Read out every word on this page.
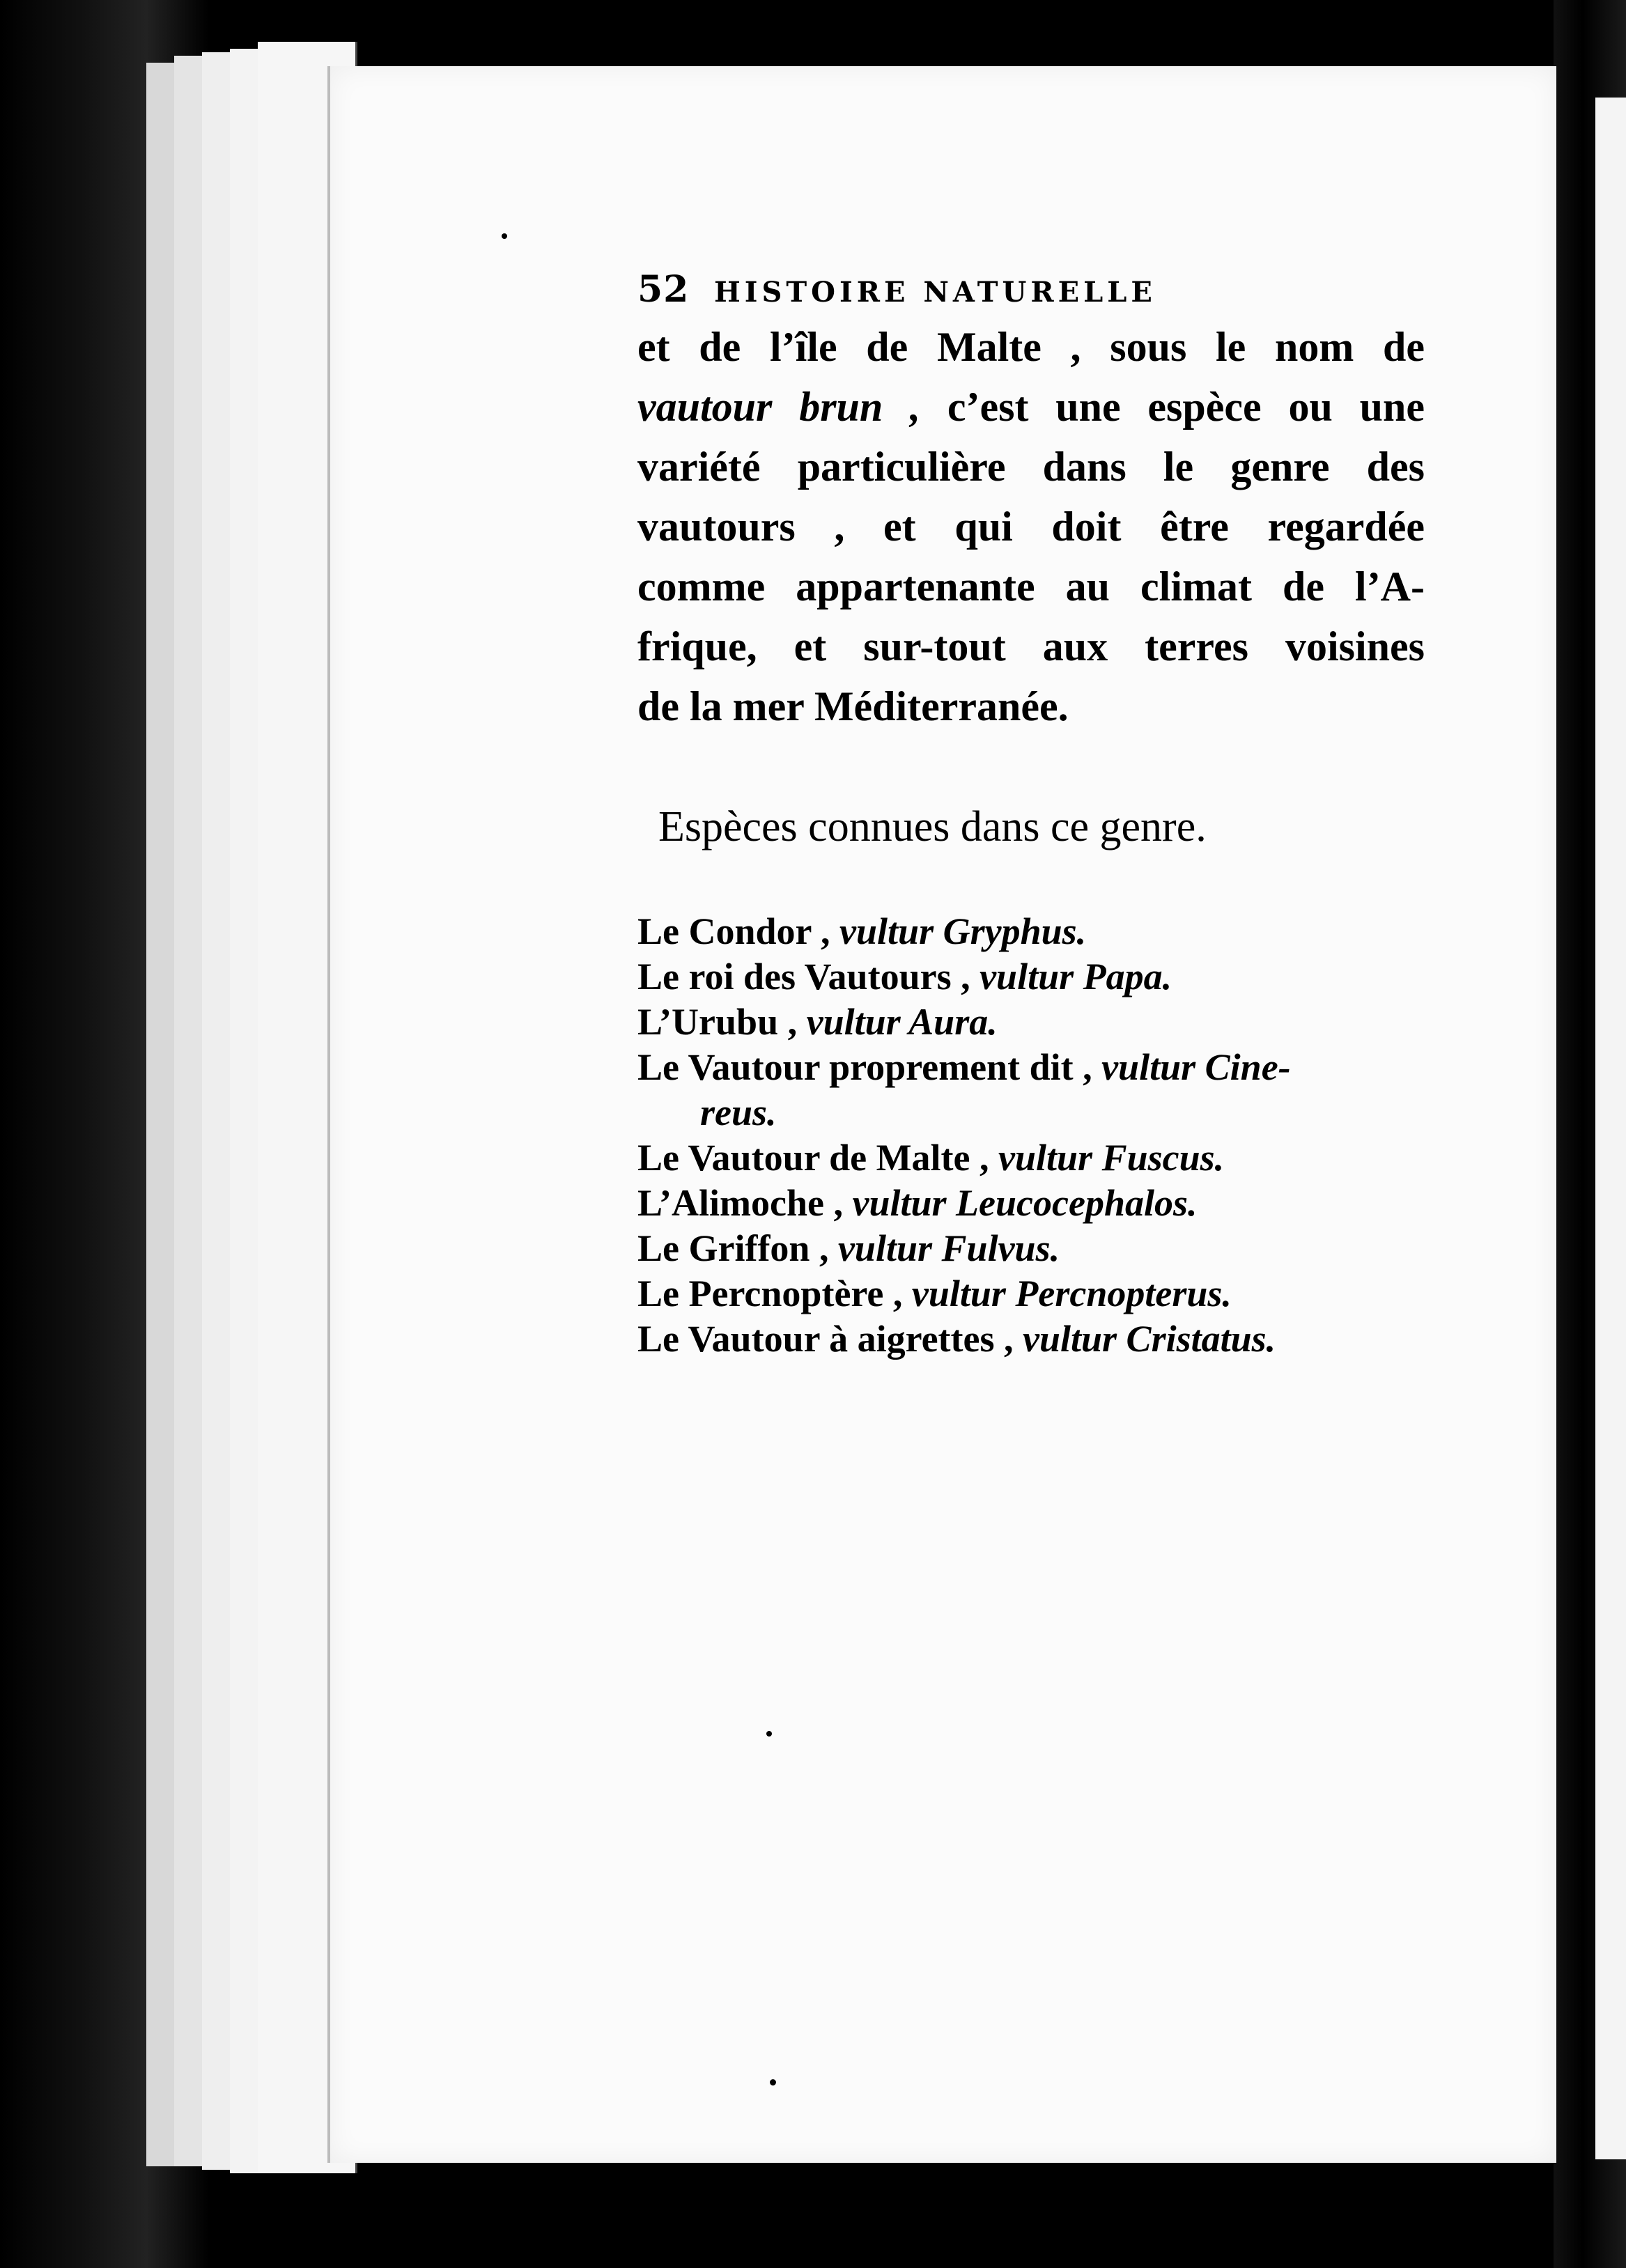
52 HISTOIRE NATURELLE

et de l’île de Malte , sous le nom de
vautour brun , c’est une espèce ou une
variété particulière dans le genre des
vautours , et qui doit être regardée
comme appartenante au climat de l’A-
frique, et sur-tout aux terres voisines
de la mer Méditerranée.

Espèces connues dans ce genre.
Le Condor , vultur Gryphus.
Le roi des Vautours , vultur Papa.
L’Urubu , vultur Aura.
Le Vautour proprement dit , vultur Cine-
reus.
Le Vautour de Malte , vultur Fuscus.
L’Alimoche , vultur Leucocephalos.
Le Griffon , vultur Fulvus.
Le Percnoptère , vultur Percnopterus.
Le Vautour à aigrettes , vultur Cristatus.
